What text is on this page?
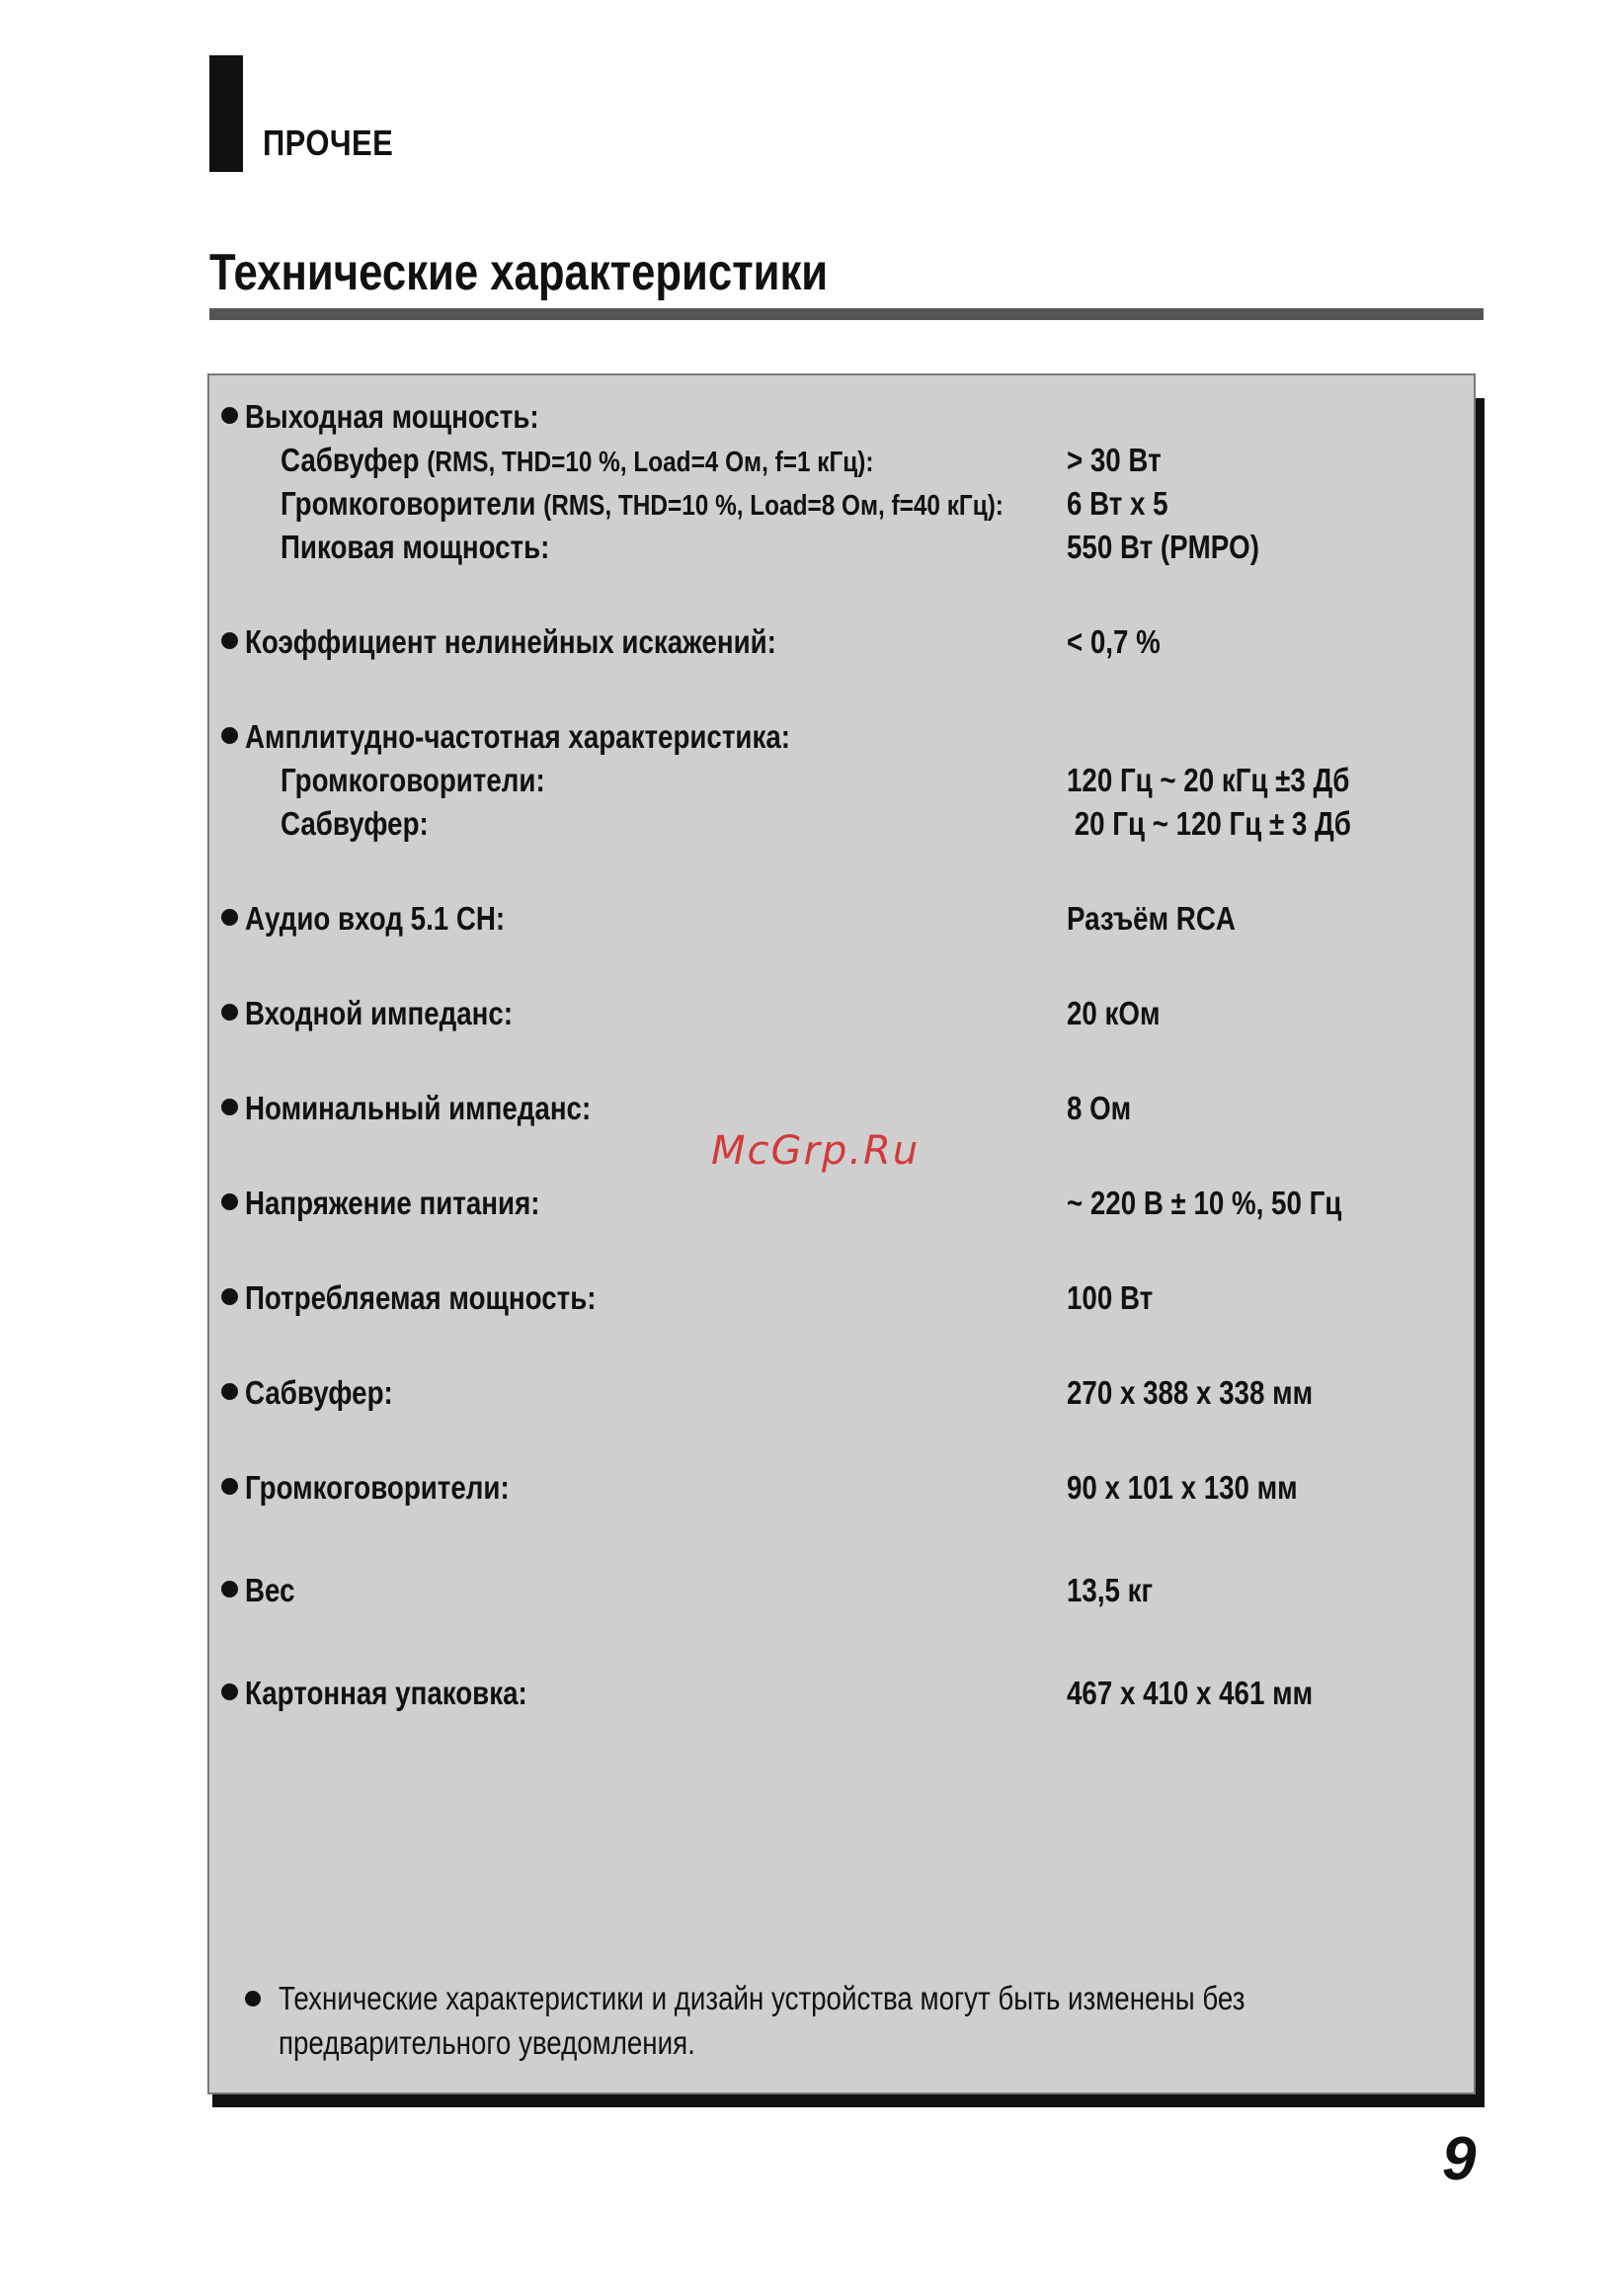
ПРОЧЕЕ
Технические характеристики
Выходная мощность:
Сабвуфер (RMS, THD=10 %, Load=4 Ом, f=1 кГц):	> 30 Вт
Громкоговорители (RMS, THD=10 %, Load=8 Ом, f=40 кГц): 6 Вт x 5
Пиковая мощность:	550 Вт (PMPO)
Коэффициент нелинейных искажений:	< 0,7 %
Амплитудно-частотная характеристика:
Громкоговорители:	120 Гц ~ 20 кГц ±3 Дб
Сабвуфер:	20 Гц ~ 120 Гц ± 3 Дб
Аудио вход 5.1 CH:	Разъём RCA
Входной импеданс:	20 кОм
Номинальный импеданс:	8 Ом
Напряжение питания:	~ 220 В ± 10 %, 50 Гц
Потребляемая мощность:	100 Вт
Сабвуфер:	270 x 388 x 338 мм
Громкоговорители:	90 x 101 x 130 мм
Вес	13,5 кг
Картонная упаковка:	467 x 410 x 461 мм
Технические характеристики и дизайн устройства могут быть изменены без
предварительного уведомления.
McGrp.Ru
9
